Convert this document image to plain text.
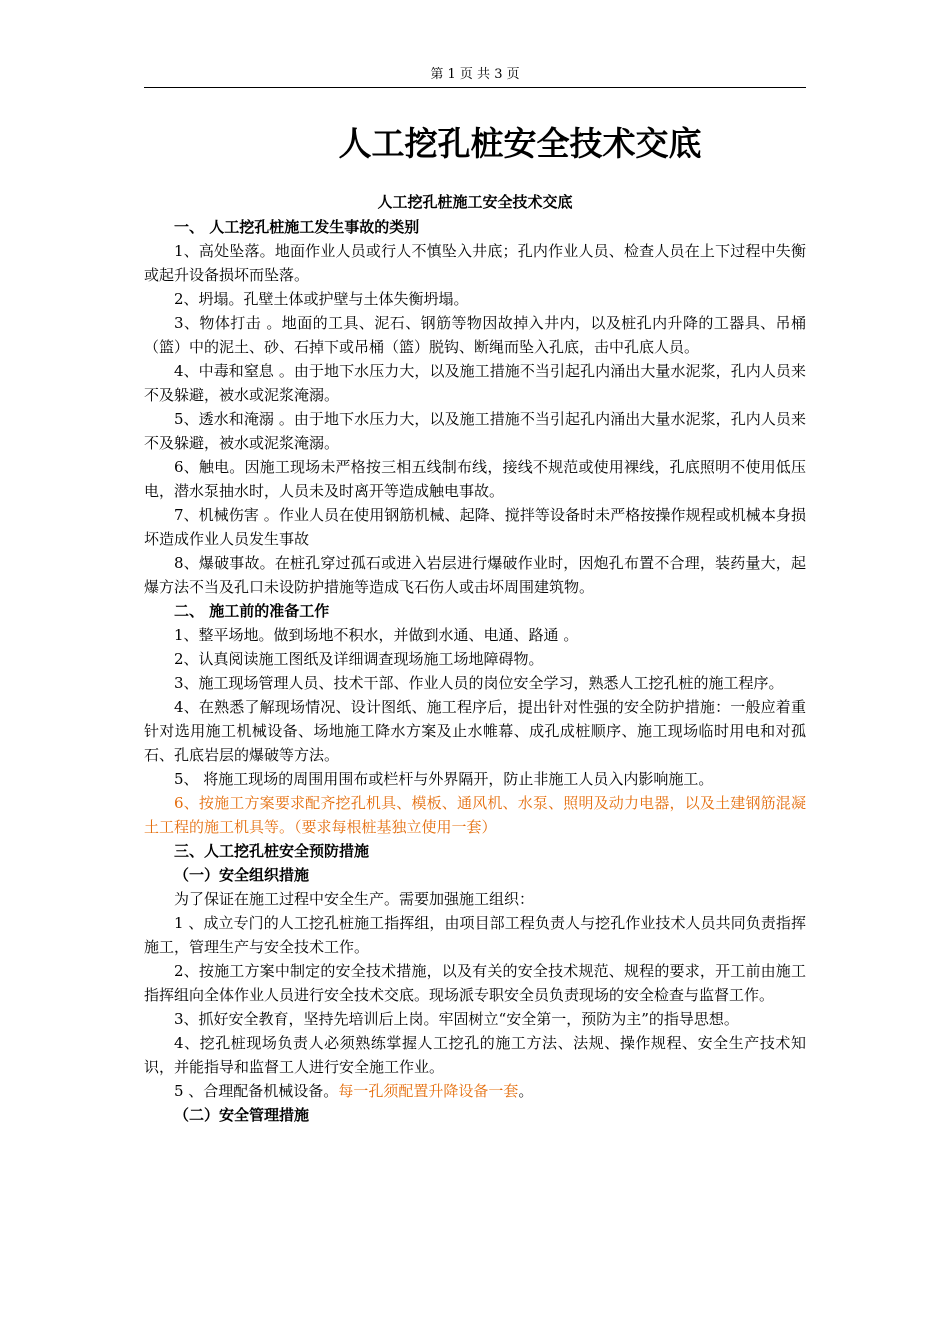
第 1 页 共 3 页
人工挖孔桩安全技术交底

人工挖孔桩施工安全技术交底

一、 人工挖孔桩施工发生事故的类别

1、高处坠落。地面作业人员或行人不慎坠入井底；孔内作业人员、检查人员在上下过程中失衡或起升设备损坏而坠落。

2、坍塌。孔壁土体或护壁与土体失衡坍塌。

3、物体打击 。地面的工具、泥石、钢筋等物因故掉入井内，以及桩孔内升降的工器具、吊桶（篮）中的泥土、砂、石掉下或吊桶（篮）脱钩、断绳而坠入孔底，击中孔底人员。

4、中毒和窒息 。由于地下水压力大，以及施工措施不当引起孔内涌出大量水泥浆，孔内人员来不及躲避，被水或泥浆淹溺。

5、透水和淹溺 。由于地下水压力大，以及施工措施不当引起孔内涌出大量水泥浆，孔内人员来不及躲避，被水或泥浆淹溺。

6、触电。因施工现场未严格按三相五线制布线，接线不规范或使用裸线，孔底照明不使用低压电，潜水泵抽水时，人员未及时离开等造成触电事故。

7、机械伤害 。作业人员在使用钢筋机械、起降、搅拌等设备时未严格按操作规程或机械本身损坏造成作业人员发生事故

8、爆破事故。在桩孔穿过孤石或进入岩层进行爆破作业时，因炮孔布置不合理，装药量大，起爆方法不当及孔口未设防护措施等造成飞石伤人或击坏周围建筑物。

二、 施工前的准备工作

1、整平场地。做到场地不积水，并做到水通、电通、路通 。

2、认真阅读施工图纸及详细调查现场施工场地障碍物。

3、施工现场管理人员、技术干部、作业人员的岗位安全学习，熟悉人工挖孔桩的施工程序。

4、在熟悉了解现场情况、设计图纸、施工程序后，提出针对性强的安全防护措施：一般应着重针对选用施工机械设备、场地施工降水方案及止水帷幕、成孔成桩顺序、施工现场临时用电和对孤石、孔底岩层的爆破等方法。

5、 将施工现场的周围用围布或栏杆与外界隔开，防止非施工人员入内影响施工。

6、按施工方案要求配齐挖孔机具、模板、通风机、水泵、照明及动力电器，以及土建钢筋混凝土工程的施工机具等。（要求每根桩基独立使用一套）

三、人工挖孔桩安全预防措施

（一）安全组织措施

为了保证在施工过程中安全生产。需要加强施工组织：

1 、成立专门的人工挖孔桩施工指挥组，由项目部工程负责人与挖孔作业技术人员共同负责指挥施工，管理生产与安全技术工作。

2、按施工方案中制定的安全技术措施，以及有关的安全技术规范、规程的要求，开工前由施工指挥组向全体作业人员进行安全技术交底。现场派专职安全员负责现场的安全检查与监督工作。

3、抓好安全教育，坚持先培训后上岗。牢固树立“安全第一，预防为主”的指导思想。

4、挖孔桩现场负责人必须熟练掌握人工挖孔的施工方法、法规、操作规程、安全生产技术知识，并能指导和监督工人进行安全施工作业。

5 、合理配备机械设备。每一孔须配置升降设备一套。

（二）安全管理措施
